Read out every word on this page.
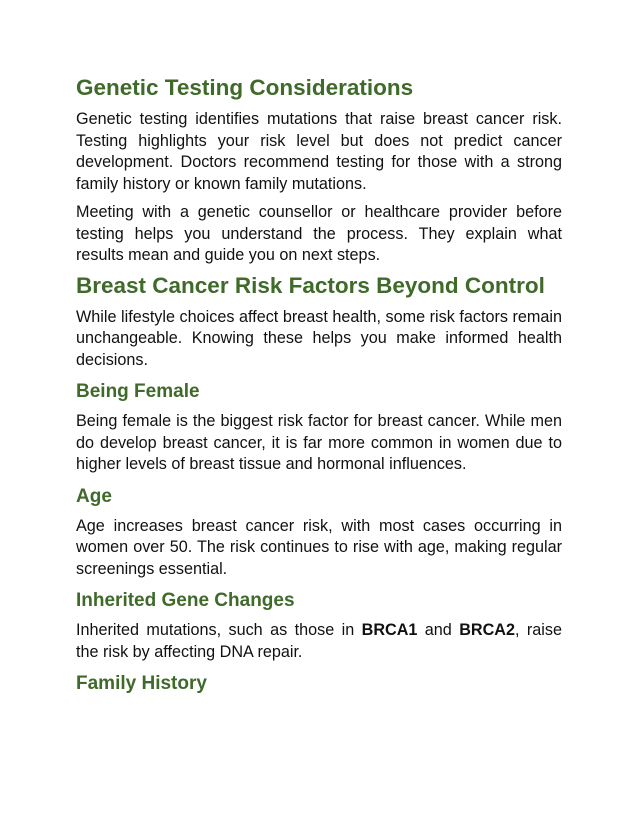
Genetic Testing Considerations

Genetic testing identifies mutations that raise breast cancer risk. Testing highlights your risk level but does not predict cancer development. Doctors recommend testing for those with a strong family history or known family mutations.

Meeting with a genetic counsellor or healthcare provider before testing helps you understand the process. They explain what results mean and guide you on next steps.

Breast Cancer Risk Factors Beyond Control

While lifestyle choices affect breast health, some risk factors remain unchangeable. Knowing these helps you make informed health decisions.

Being Female

Being female is the biggest risk factor for breast cancer. While men do develop breast cancer, it is far more common in women due to higher levels of breast tissue and hormonal influences.

Age

Age increases breast cancer risk, with most cases occurring in women over 50. The risk continues to rise with age, making regular screenings essential.

Inherited Gene Changes

Inherited mutations, such as those in BRCA1 and BRCA2, raise the risk by affecting DNA repair.

Family History
